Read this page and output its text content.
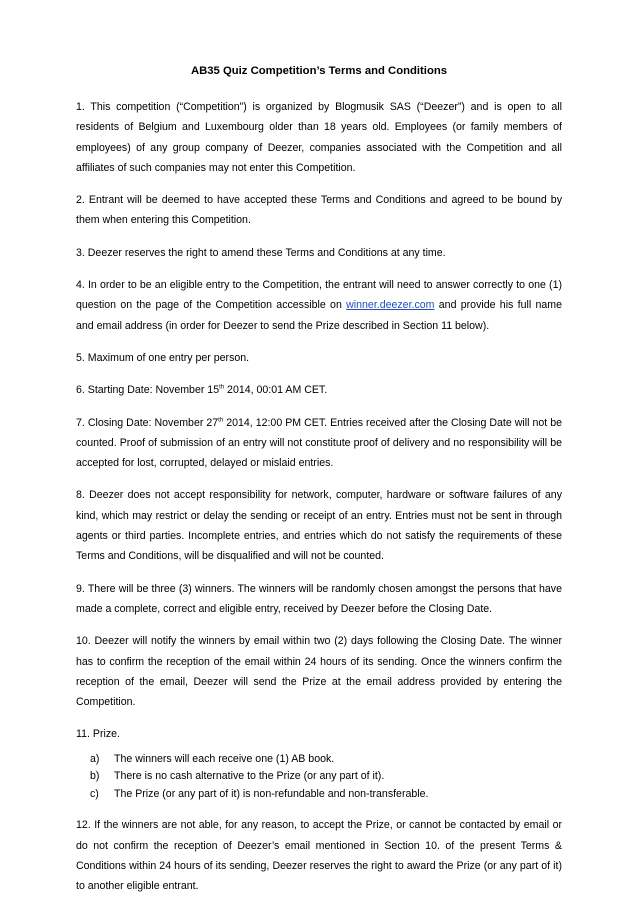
AB35 Quiz Competition’s Terms and Conditions

1. This competition (“Competition”) is organized by Blogmusik SAS (“Deezer”) and is open to all residents of Belgium and Luxembourg older than 18 years old. Employees (or family members of employees) of any group company of Deezer, companies associated with the Competition and all affiliates of such companies may not enter this Competition.

2. Entrant will be deemed to have accepted these Terms and Conditions and agreed to be bound by them when entering this Competition.

3. Deezer reserves the right to amend these Terms and Conditions at any time.

4. In order to be an eligible entry to the Competition, the entrant will need to answer correctly to one (1) question on the page of the Competition accessible on winner.deezer.com and provide his full name and email address (in order for Deezer to send the Prize described in Section 11 below).

5. Maximum of one entry per person.

6. Starting Date: November 15th 2014, 00:01 AM CET.

7. Closing Date: November 27th 2014, 12:00 PM CET. Entries received after the Closing Date will not be counted. Proof of submission of an entry will not constitute proof of delivery and no responsibility will be accepted for lost, corrupted, delayed or mislaid entries.

8. Deezer does not accept responsibility for network, computer, hardware or software failures of any kind, which may restrict or delay the sending or receipt of an entry. Entries must not be sent in through agents or third parties. Incomplete entries, and entries which do not satisfy the requirements of these Terms and Conditions, will be disqualified and will not be counted.

9. There will be three (3) winners. The winners will be randomly chosen amongst the persons that have made a complete, correct and eligible entry, received by Deezer before the Closing Date.

10. Deezer will notify the winners by email within two (2) days following the Closing Date. The winner has to confirm the reception of the email within 24 hours of its sending. Once the winners confirm the reception of the email, Deezer will send the Prize at the email address provided by entering the Competition.

11. Prize.

a)	The winners will each receive one (1) AB book.
b)	There is no cash alternative to the Prize (or any part of it).
c)	The Prize (or any part of it) is non-refundable and non-transferable.

12. If the winners are not able, for any reason, to accept the Prize, or cannot be contacted by email or do not confirm the reception of Deezer’s email mentioned in Section 10. of the present Terms & Conditions within 24 hours of its sending, Deezer reserves the right to award the Prize (or any part of it) to another eligible entrant.
